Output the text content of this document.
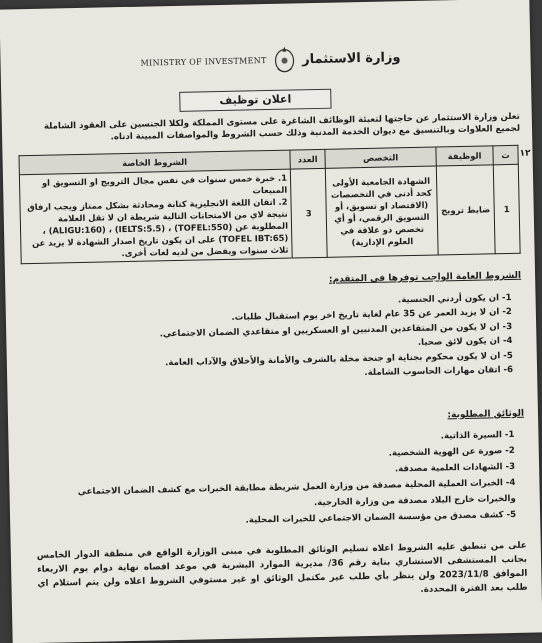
MINISTRY OF INVESTMENT	وزارة الاستثمار
اعلان توظيف
تعلن وزارة الاستثمار عن حاجتها لتعبئة الوظائف الشاغرة على مستوى المملكة ولكلا الجنسين على العقود الشاملة لجميع العلاوات وبالتنسيق مع ديوان الخدمة المدنية وذلك حسب الشروط والمواصفات المبينة ادناه.
١٢
ت	الوظيفة	التخصص	العدد	الشروط الخاصة
1	ضابط ترويج	الشهادة الجامعية الأولى كحد أدنى في التخصصات (الاقتصاد او تسويق، أو التسويق الرقمي، أو أي تخصص ذو علاقة في العلوم الإدارية)	3	1. خبرة خمس سنوات في نفس مجال الترويج او التسويق او المبيعات
2. اتقان اللغة الانجليزية كتابة ومحادثة بشكل ممتاز ويجب ارفاق نتيجة لاي من الامتحانات التالية شريطة ان لا تقل العلامة المطلوبة عن (TOFEL:550) ، (IELTS:5.5) ، (ALIGU:160) ، (TOFEL IBT:65) على ان يكون تاريخ اصدار الشهادة لا يزيد عن ثلاث سنوات ويفضل من لديه لغات أخرى.
الشروط العامة الواجب توفرها في المتقدم:
1- ان يكون أردني الجنسية.
2- ان لا يزيد العمر عن 35 عام لغاية تاريخ اخر يوم استقبال طلبات.
3- ان لا يكون من المتقاعدين المدنيين او العسكريين او متقاعدي الضمان الاجتماعي.
4- ان يكون لائق صحيا.
5- ان لا يكون محكوم بجناية او جنحة مخلة بالشرف والأمانة والأخلاق والآداب العامة.
6- اتقان مهارات الحاسوب الشاملة.
الوثائق المطلوبة:
1- السيرة الذاتية.
2- صورة عن الهوية الشخصية.
3- الشهادات العلمية مصدقة.
4- الخبرات العملية المحلية مصدقة من وزارة العمل شريطة مطابقة الخبرات مع كشف الضمان الاجتماعي والخبرات خارج البلاد مصدقة من وزارة الخارجية.
5- كشف مصدق من مؤسسة الضمان الاجتماعي للخبرات المحلية.
على من تنطبق عليه الشروط اعلاه تسليم الوثائق المطلوبة في مبنى الوزارة الواقع في منطقة الدوار الخامس بجانب المستشفى الاستشاري بناية رقم 36/ مديرية الموارد البشرية في موعد اقصاه نهاية دوام يوم الاربعاء الموافق 2023/11/8 ولن ينظر بأي طلب غير مكتمل الوثائق او غير مستوفي الشروط اعلاه ولن يتم استلام اي طلب بعد الفترة المحددة.
